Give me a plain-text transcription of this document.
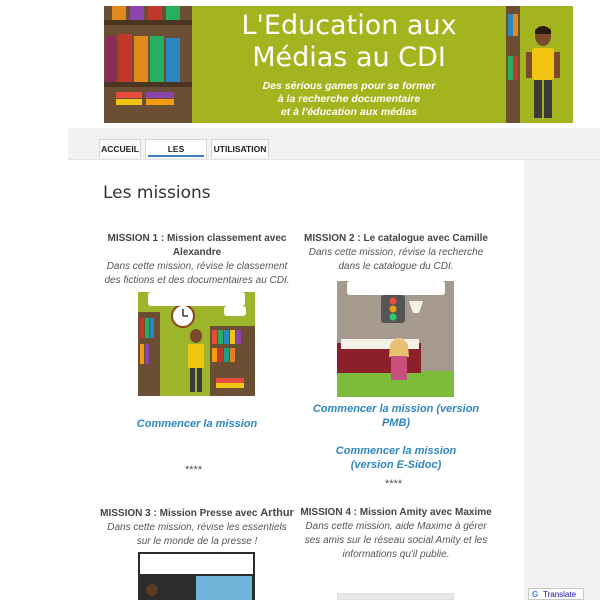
L'Education aux
Médias au CDI
Des sérious games pour se former
à la recherche documentaire
et à l'éducation aux médias
ACCUEIL	LES	UTILISATION
Les missions
MISSION 1 : Mission classement avec Alexandre
Dans cette mission, révise le classement des fictions et des documentaires au CDI.
Commencer la mission
****
MISSION 2 : Le catalogue avec Camille
Dans cette mission, révise la recherche dans le catalogue du CDI.
Commencer la mission (version PMB)
Commencer la mission (version E-Sidoc)
****
MISSION 3 : Mission Presse avec Arthur
Dans cette mission, révise les essentiels sur le monde de la presse !
MISSION 4 : Mission Amity avec Maxime
Dans cette mission, aide Maxime à gérer ses amis sur le réseau social Amity et les informations qu'il publie.
G Translate
